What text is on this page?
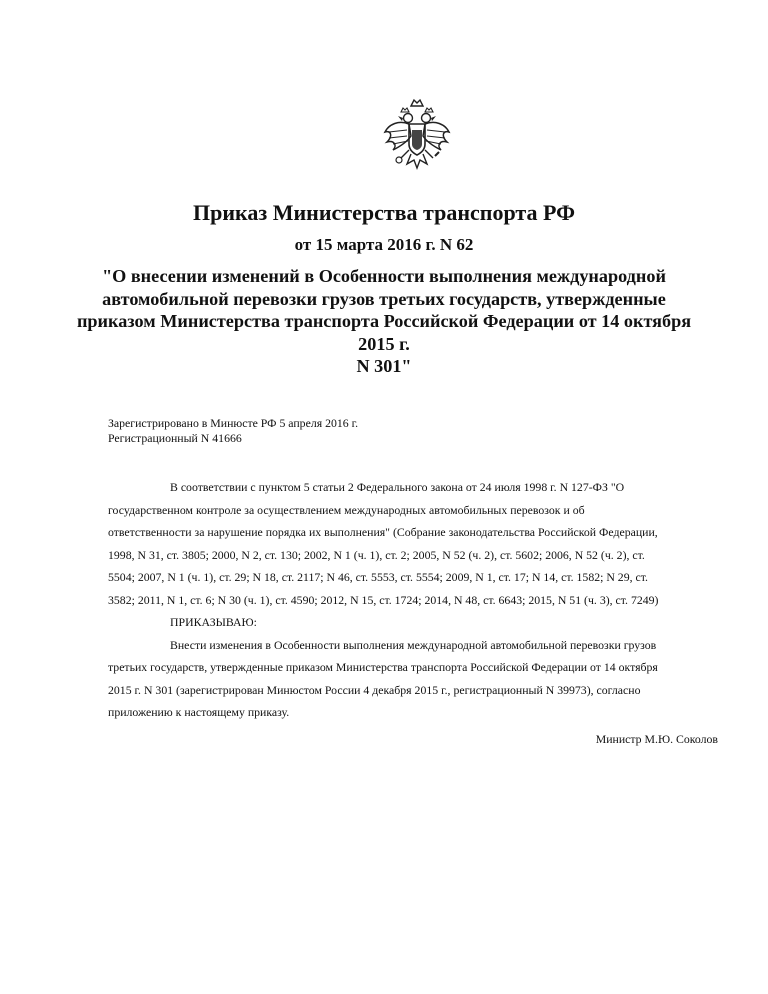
Приказ Министерства транспорта РФ
от 15 марта 2016 г. N 62
"О внесении изменений в Особенности выполнения международной
автомобильной перевозки грузов третьих государств, утвержденные
приказом Министерства транспорта Российской Федерации от 14 октября
2015 г.
N 301"
Зарегистрировано в Минюсте РФ 5 апреля 2016 г.
Регистрационный N 41666
В соответствии с пунктом 5 статьи 2 Федерального закона от 24 июля 1998 г. N 127-ФЗ "О
государственном контроле за осуществлением международных автомобильных перевозок и об
ответственности за нарушение порядка их выполнения" (Собрание законодательства Российской Федерации,
1998, N 31, ст. 3805; 2000, N 2, ст. 130; 2002, N 1 (ч. 1), ст. 2; 2005, N 52 (ч. 2), ст. 5602; 2006, N 52 (ч. 2), ст.
5504; 2007, N 1 (ч. 1), ст. 29; N 18, ст. 2117; N 46, ст. 5553, ст. 5554; 2009, N 1, ст. 17; N 14, ст. 1582; N 29, ст.
3582; 2011, N 1, ст. 6; N 30 (ч. 1), ст. 4590; 2012, N 15, ст. 1724; 2014, N 48, ст. 6643; 2015, N 51 (ч. 3), ст. 7249)
ПРИКАЗЫВАЮ:
Внести изменения в Особенности выполнения международной автомобильной перевозки грузов
третьих государств, утвержденные приказом Министерства транспорта Российской Федерации от 14 октября
2015 г. N 301 (зарегистрирован Минюстом России 4 декабря 2015 г., регистрационный N 39973), согласно
приложению к настоящему приказу.
Министр М.Ю. Соколов
